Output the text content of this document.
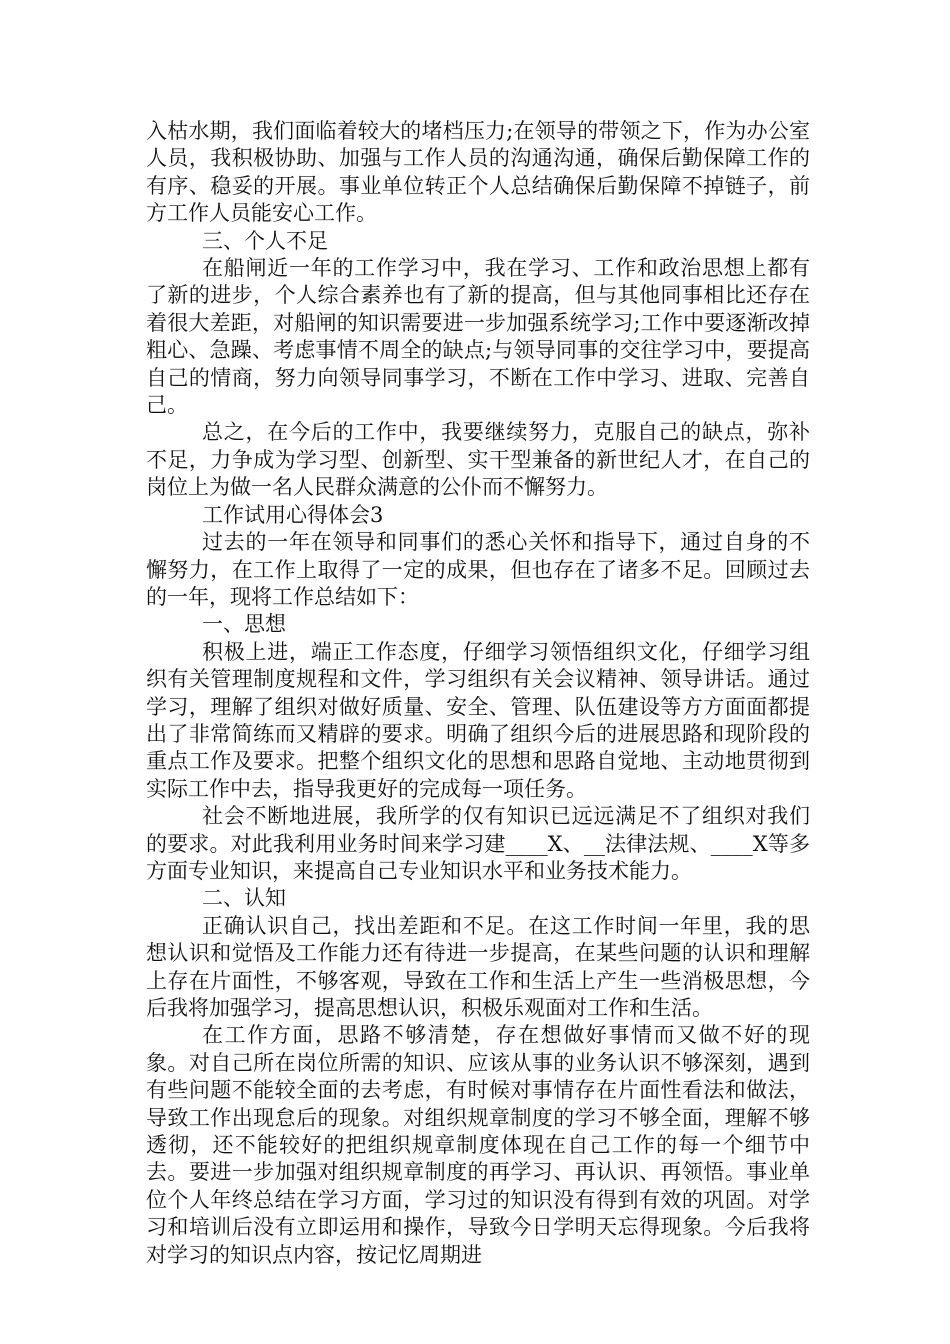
入枯水期，我们面临着较大的堵档压力;在领导的带领之下，作为办公室人员，我积极协助、加强与工作人员的沟通沟通，确保后勤保障工作的有序、稳妥的开展。事业单位转正个人总结确保后勤保障不掉链子，前方工作人员能安心工作。

三、个人不足

在船闸近一年的工作学习中，我在学习、工作和政治思想上都有了新的进步，个人综合素养也有了新的提高，但与其他同事相比还存在着很大差距，对船闸的知识需要进一步加强系统学习;工作中要逐渐改掉粗心、急躁、考虑事情不周全的缺点;与领导同事的交往学习中，要提高自己的情商，努力向领导同事学习，不断在工作中学习、进取、完善自己。

总之，在今后的工作中，我要继续努力，克服自己的缺点，弥补不足，力争成为学习型、创新型、实干型兼备的新世纪人才，在自己的岗位上为做一名人民群众满意的公仆而不懈努力。

工作试用心得体会3

过去的一年在领导和同事们的悉心关怀和指导下，通过自身的不懈努力，在工作上取得了一定的成果，但也存在了诸多不足。回顾过去的一年，现将工作总结如下：

一、思想

积极上进，端正工作态度，仔细学习领悟组织文化，仔细学习组织有关管理制度规程和文件，学习组织有关会议精神、领导讲话。通过学习，理解了组织对做好质量、安全、管理、队伍建设等方方面面都提出了非常简练而又精辟的要求。明确了组织今后的进展思路和现阶段的重点工作及要求。把整个组织文化的思想和思路自觉地、主动地贯彻到实际工作中去，指导我更好的完成每一项任务。

社会不断地进展，我所学的仅有知识已远远满足不了组织对我们的要求。对此我利用业务时间来学习建____X、__法律法规、____X等多方面专业知识，来提高自己专业知识水平和业务技术能力。

二、认知

正确认识自己，找出差距和不足。在这工作时间一年里，我的思想认识和觉悟及工作能力还有待进一步提高，在某些问题的认识和理解上存在片面性，不够客观，导致在工作和生活上产生一些消极思想，今后我将加强学习，提高思想认识，积极乐观面对工作和生活。

在工作方面，思路不够清楚，存在想做好事情而又做不好的现象。对自己所在岗位所需的知识、应该从事的业务认识不够深刻，遇到有些问题不能较全面的去考虑，有时候对事情存在片面性看法和做法，导致工作出现怠后的现象。对组织规章制度的学习不够全面，理解不够透彻，还不能较好的把组织规章制度体现在自己工作的每一个细节中去。要进一步加强对组织规章制度的再学习、再认识、再领悟。事业单位个人年终总结在学习方面，学习过的知识没有得到有效的巩固。对学习和培训后没有立即运用和操作，导致今日学明天忘得现象。今后我将对学习的知识点内容，按记忆周期进
